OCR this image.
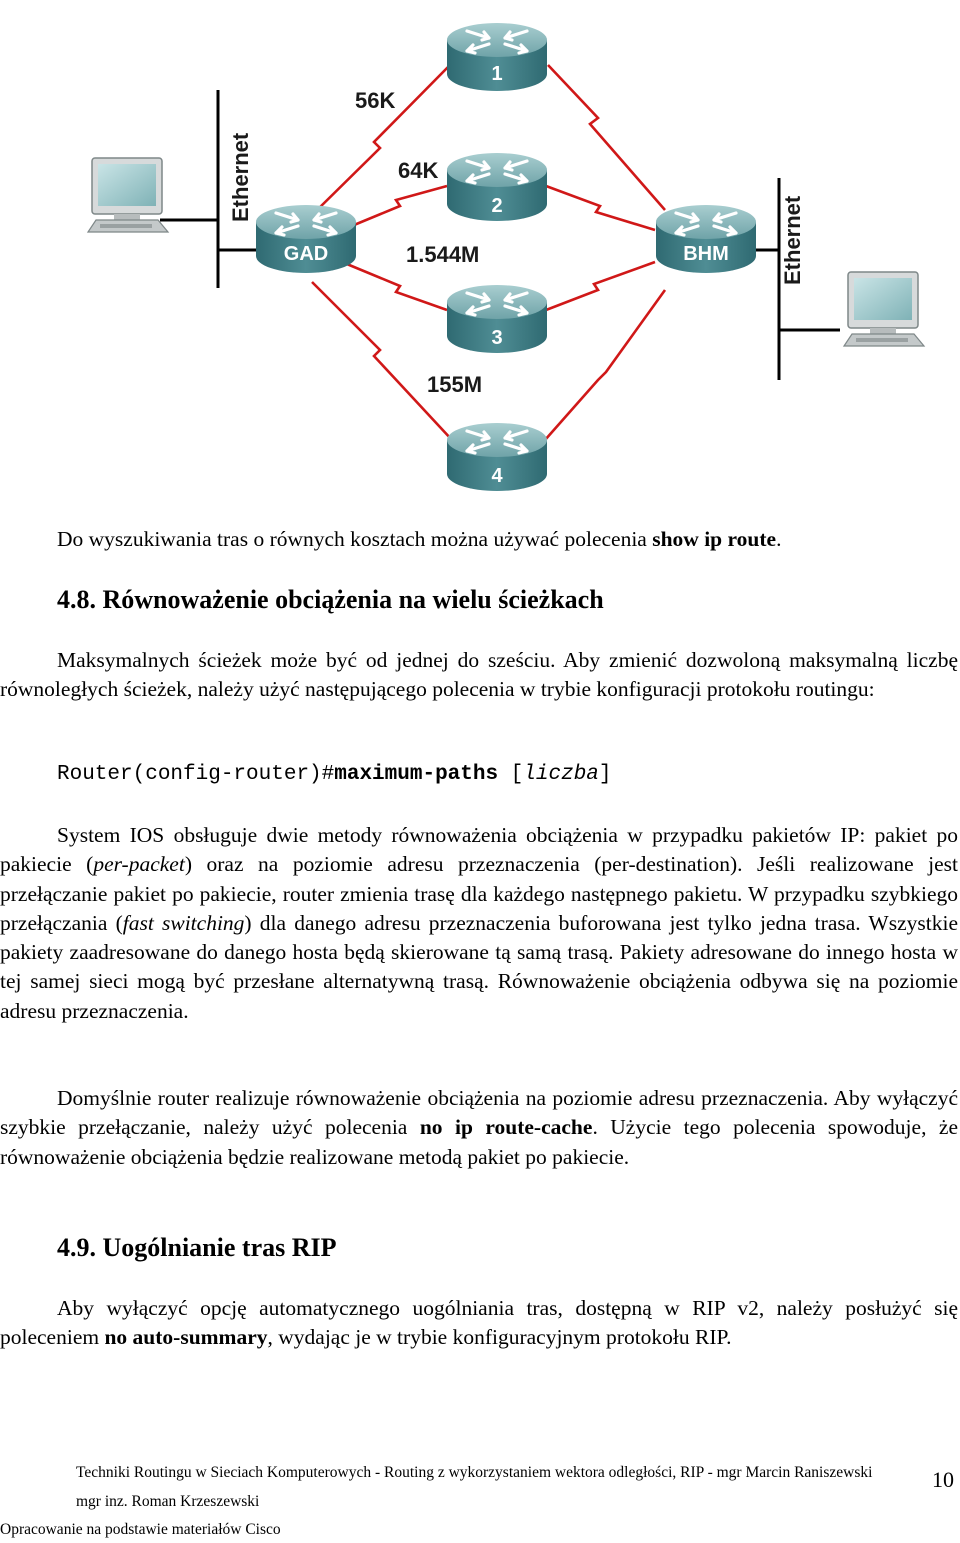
56K
64K
1.544M
155M
Ethernet
Ethernet
1
2
3
4
GAD	BHM
Do wyszukiwania tras o równych kosztach można używać polecenia show ip route.
4.8. Równoważenie obciążenia na wielu ścieżkach

Maksymalnych ścieżek może być od jednej do sześciu. Aby zmienić dozwoloną maksymalną liczbę równoległych ścieżek, należy użyć następującego polecenia w trybie konfiguracji protokołu routingu:

Router(config-router)#maximum-paths [liczba]

System IOS obsługuje dwie metody równoważenia obciążenia w przypadku pakietów IP: pakiet po pakiecie (per-packet) oraz na poziomie adresu przeznaczenia (per-destination). Jeśli realizowane jest przełączanie pakiet po pakiecie, router zmienia trasę dla każdego następnego pakietu. W przypadku szybkiego przełączania (fast switching) dla danego adresu przeznaczenia buforowana jest tylko jedna trasa. Wszystkie pakiety zaadresowane do danego hosta będą skierowane tą samą trasą. Pakiety adresowane do innego hosta w tej samej sieci mogą być przesłane alternatywną trasą. Równoważenie obciążenia odbywa się na poziomie adresu przeznaczenia.

Domyślnie router realizuje równoważenie obciążenia na poziomie adresu przeznaczenia. Aby wyłączyć szybkie przełączanie, należy użyć polecenia no ip route-cache. Użycie tego polecenia spowoduje, że równoważenie obciążenia będzie realizowane metodą pakiet po pakiecie.

4.9. Uogólnianie tras RIP

Aby wyłączyć opcję automatycznego uogólniania tras, dostępną w RIP v2, należy posłużyć się poleceniem no auto-summary, wydając je w trybie konfiguracyjnym protokołu RIP.

Techniki Routingu w Sieciach Komputerowych - Routing z wykorzystaniem wektora odległości, RIP - mgr Marcin Raniszewski	10
mgr inz. Roman Krzeszewski
Opracowanie na podstawie materiałów Cisco
